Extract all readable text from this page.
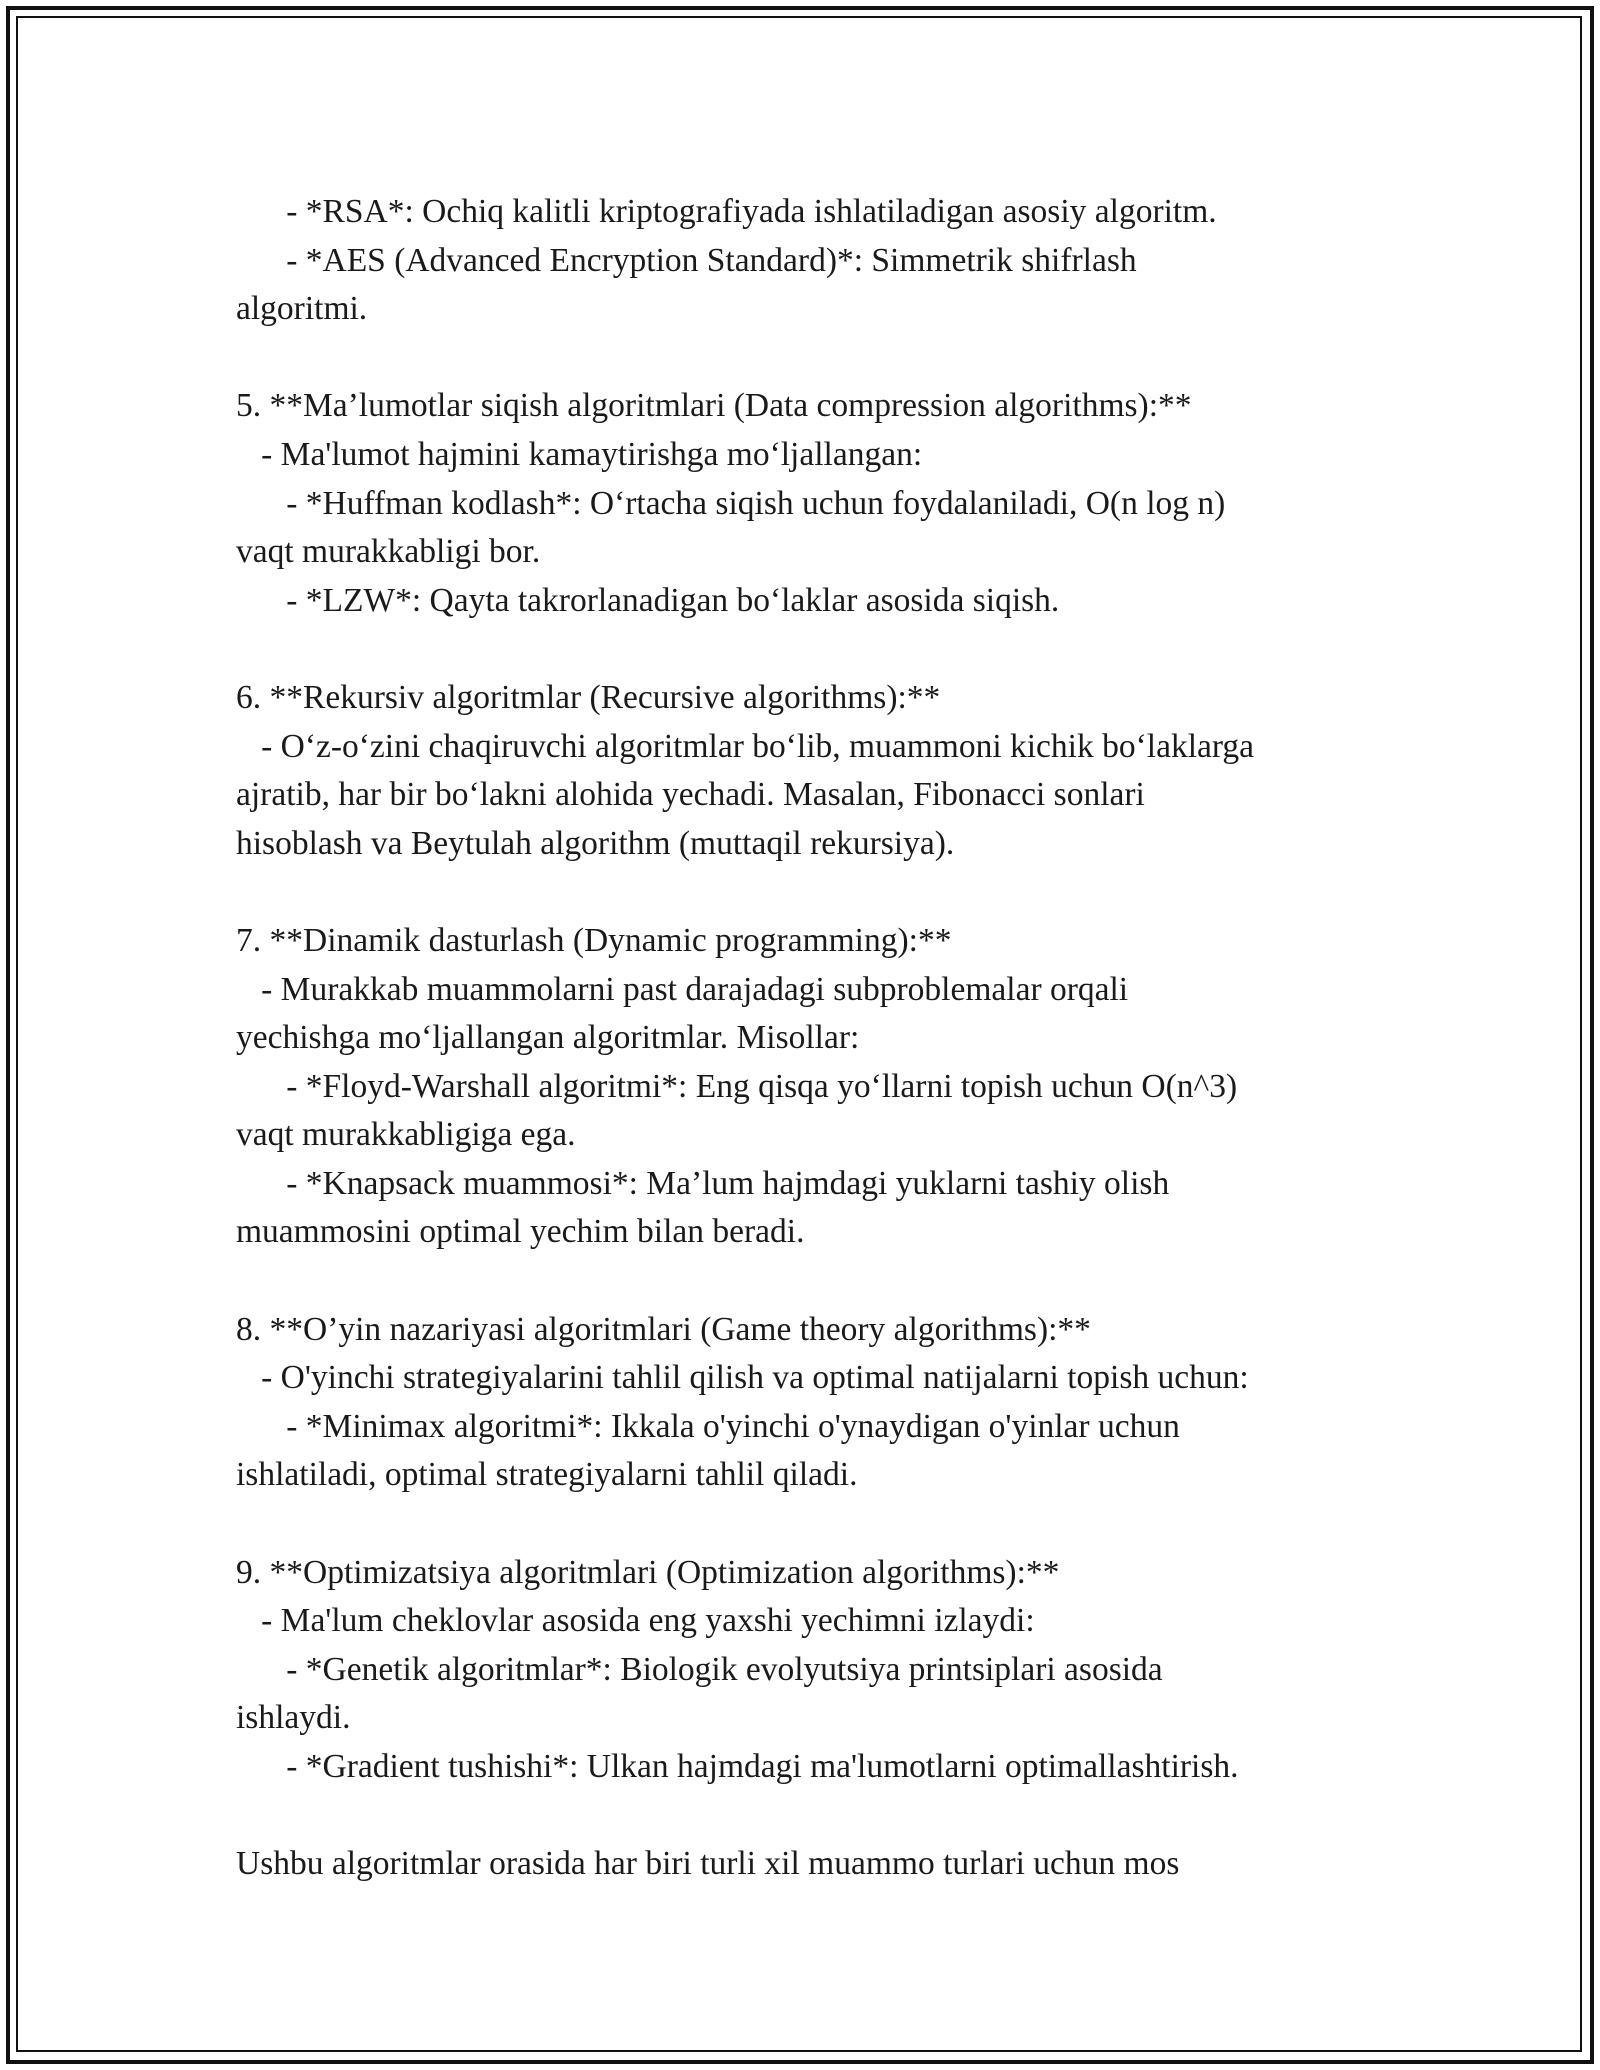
- *RSA*: Ochiq kalitli kriptografiyada ishlatiladigan asosiy algoritm.
- *AES (Advanced Encryption Standard)*: Simmetrik shifrlash
algoritmi.
5. **Ma’lumotlar siqish algoritmlari (Data compression algorithms):**
- Ma'lumot hajmini kamaytirishga mo‘ljallangan:
- *Huffman kodlash*: O‘rtacha siqish uchun foydalaniladi, O(n log n)
vaqt murakkabligi bor.
- *LZW*: Qayta takrorlanadigan bo‘laklar asosida siqish.
6. **Rekursiv algoritmlar (Recursive algorithms):**
- O‘z-o‘zini chaqiruvchi algoritmlar bo‘lib, muammoni kichik bo‘laklarga
ajratib, har bir bo‘lakni alohida yechadi. Masalan, Fibonacci sonlari
hisoblash va Beytulah algorithm (muttaqil rekursiya).
7. **Dinamik dasturlash (Dynamic programming):**
- Murakkab muammolarni past darajadagi subproblemalar orqali
yechishga mo‘ljallangan algoritmlar. Misollar:
- *Floyd-Warshall algoritmi*: Eng qisqa yo‘llarni topish uchun O(n^3)
vaqt murakkabligiga ega.
- *Knapsack muammosi*: Ma’lum hajmdagi yuklarni tashiy olish
muammosini optimal yechim bilan beradi.
8. **O’yin nazariyasi algoritmlari (Game theory algorithms):**
- O'yinchi strategiyalarini tahlil qilish va optimal natijalarni topish uchun:
- *Minimax algoritmi*: Ikkala o'yinchi o'ynaydigan o'yinlar uchun
ishlatiladi, optimal strategiyalarni tahlil qiladi.
9. **Optimizatsiya algoritmlari (Optimization algorithms):**
- Ma'lum cheklovlar asosida eng yaxshi yechimni izlaydi:
- *Genetik algoritmlar*: Biologik evolyutsiya printsiplari asosida
ishlaydi.
- *Gradient tushishi*: Ulkan hajmdagi ma'lumotlarni optimallashtirish.
Ushbu algoritmlar orasida har biri turli xil muammo turlari uchun mos
